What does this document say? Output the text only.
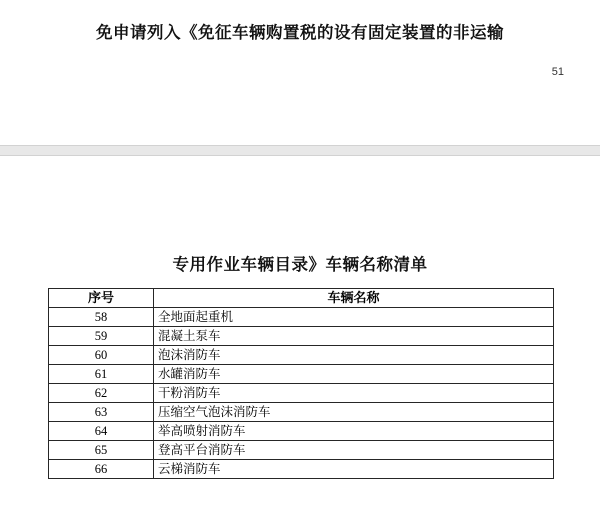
免申请列入《免征车辆购置税的设有固定装置的非运输
51
专用作业车辆目录》车辆名称清单
序号	车辆名称
58	全地面起重机
59	混凝土泵车
60	泡沫消防车
61	水罐消防车
62	干粉消防车
63	压缩空气泡沫消防车
64	举高喷射消防车
65	登高平台消防车
66	云梯消防车
